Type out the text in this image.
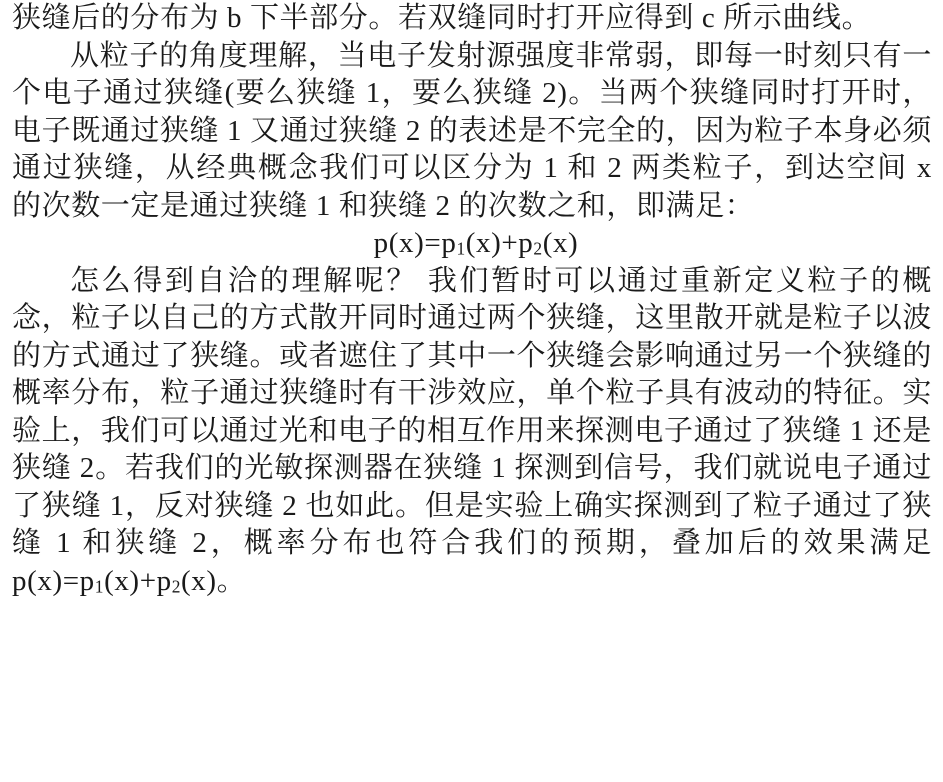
狭缝后的分布为 b 下半部分。若双缝同时打开应得到 c 所示曲线。

从粒子的角度理解，当电子发射源强度非常弱，即每一时刻只有一个电子通过狭缝(要么狭缝 1，要么狭缝 2)。当两个狭缝同时打开时，电子既通过狭缝 1 又通过狭缝 2 的表述是不完全的，因为粒子本身必须通过狭缝，从经典概念我们可以区分为 1 和 2 两类粒子，到达空间 x 的次数一定是通过狭缝 1 和狭缝 2 的次数之和，即满足：

$p(x)=p_1(x)+p_2(x)$

怎么得到自洽的理解呢？ 我们暂时可以通过重新定义粒子的概念，粒子以自己的方式散开同时通过两个狭缝，这里散开就是粒子以波的方式通过了狭缝。或者遮住了其中一个狭缝会影响通过另一个狭缝的概率分布，粒子通过狭缝时有干涉效应，单个粒子具有波动的特征。实验上，我们可以通过光和电子的相互作用来探测电子通过了狭缝 1 还是狭缝 2。若我们的光敏探测器在狭缝 1 探测到信号，我们就说电子通过了狭缝 1，反对狭缝 2 也如此。但是实验上确实探测到了粒子通过了狭缝 1 和狭缝 2，概率分布也符合我们的预期，叠加后的效果满足 $p(x)=p_1(x)+p_2(x)$。
